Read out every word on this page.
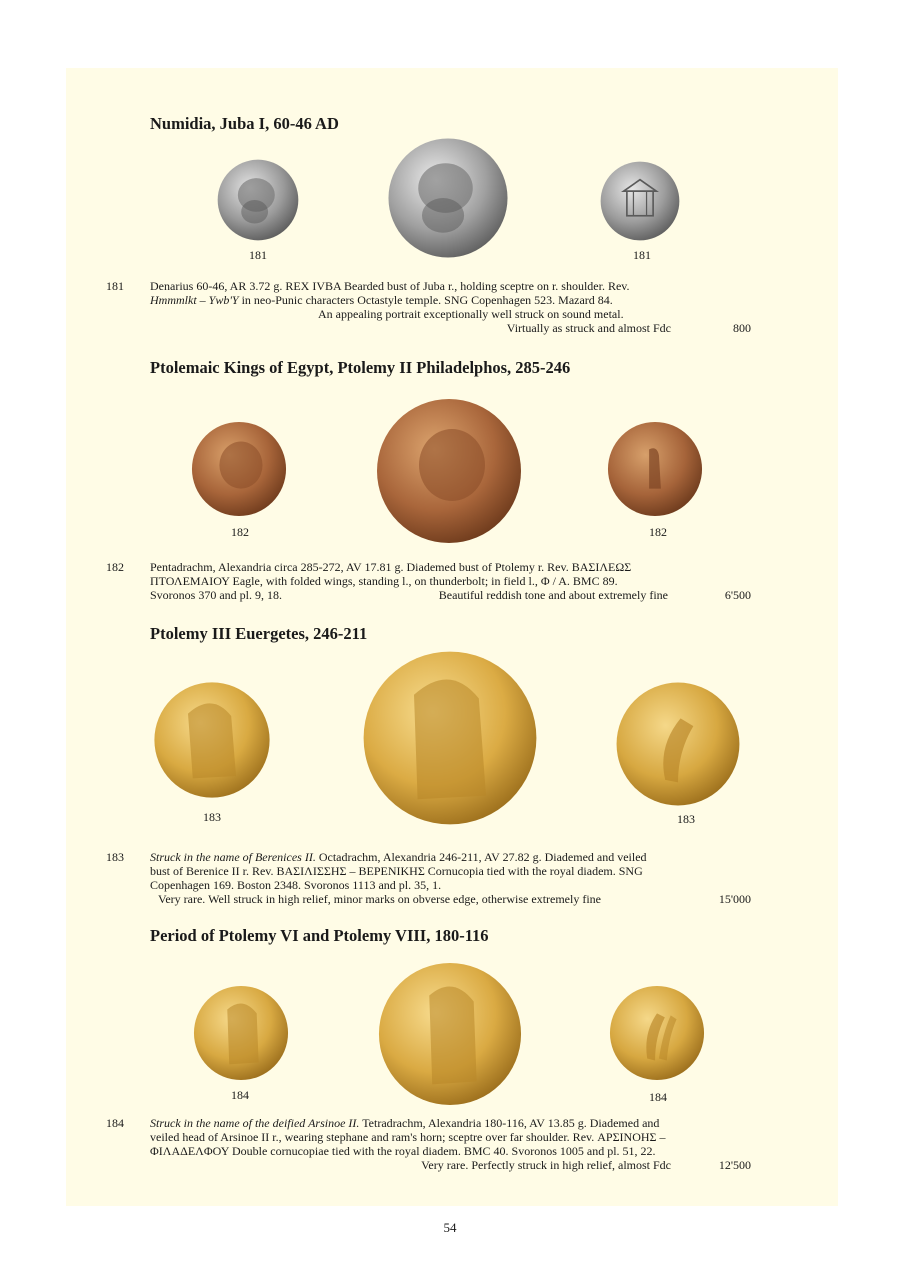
Numidia, Juba I, 60-46 AD
181	181
181 Denarius 60-46, AR 3.72 g. REX IVBA Bearded bust of Juba r., holding sceptre on r. shoulder. Rev.

Hmmmlkt – Ywb'Y in neo-Punic characters Octastyle temple. SNG Copenhagen 523. Mazard 84.

An appealing portrait exceptionally well struck on sound metal.

Virtually as struck and almost Fdc	800
Ptolemaic Kings of Egypt, Ptolemy II Philadelphos, 285-246
182	182
182 Pentadrachm, Alexandria circa 285-272, AV 17.81 g. Diademed bust of Ptolemy r. Rev. ΒΑΣΙΛΕΩΣ

ΠΤΟΛΕΜΑΙΟΥ Eagle, with folded wings, standing l., on thunderbolt; in field l., Φ / Α. BMC 89.

Svoronos 370 and pl. 9, 18.	Beautiful reddish tone and about extremely fine	6'500
Ptolemy III Euergetes, 246-211
183	183
183 Struck in the name of Berenices II. Octadrachm, Alexandria 246-211, AV 27.82 g. Diademed and veiled

bust of Berenice II r. Rev. ΒΑΣΙΛΙΣΣΗΣ – ΒΕΡΕΝΙΚΗΣ Cornucopia tied with the royal diadem. SNG

Copenhagen 169. Boston 2348. Svoronos 1113 and pl. 35, 1.

Very rare. Well struck in high relief, minor marks on obverse edge, otherwise extremely fine	15'000
Period of Ptolemy VI and Ptolemy VIII, 180-116
184	184
184 Struck in the name of the deified Arsinoe II. Tetradrachm, Alexandria 180-116, AV 13.85 g. Diademed and

veiled head of Arsinoe II r., wearing stephane and ram's horn; sceptre over far shoulder. Rev. ΑΡΣΙΝΟΗΣ –

ΦΙΛΑΔΕΛΦΟΥ Double cornucopiae tied with the royal diadem. BMC 40. Svoronos 1005 and pl. 51, 22.

Very rare. Perfectly struck in high relief, almost Fdc	12'500
54
